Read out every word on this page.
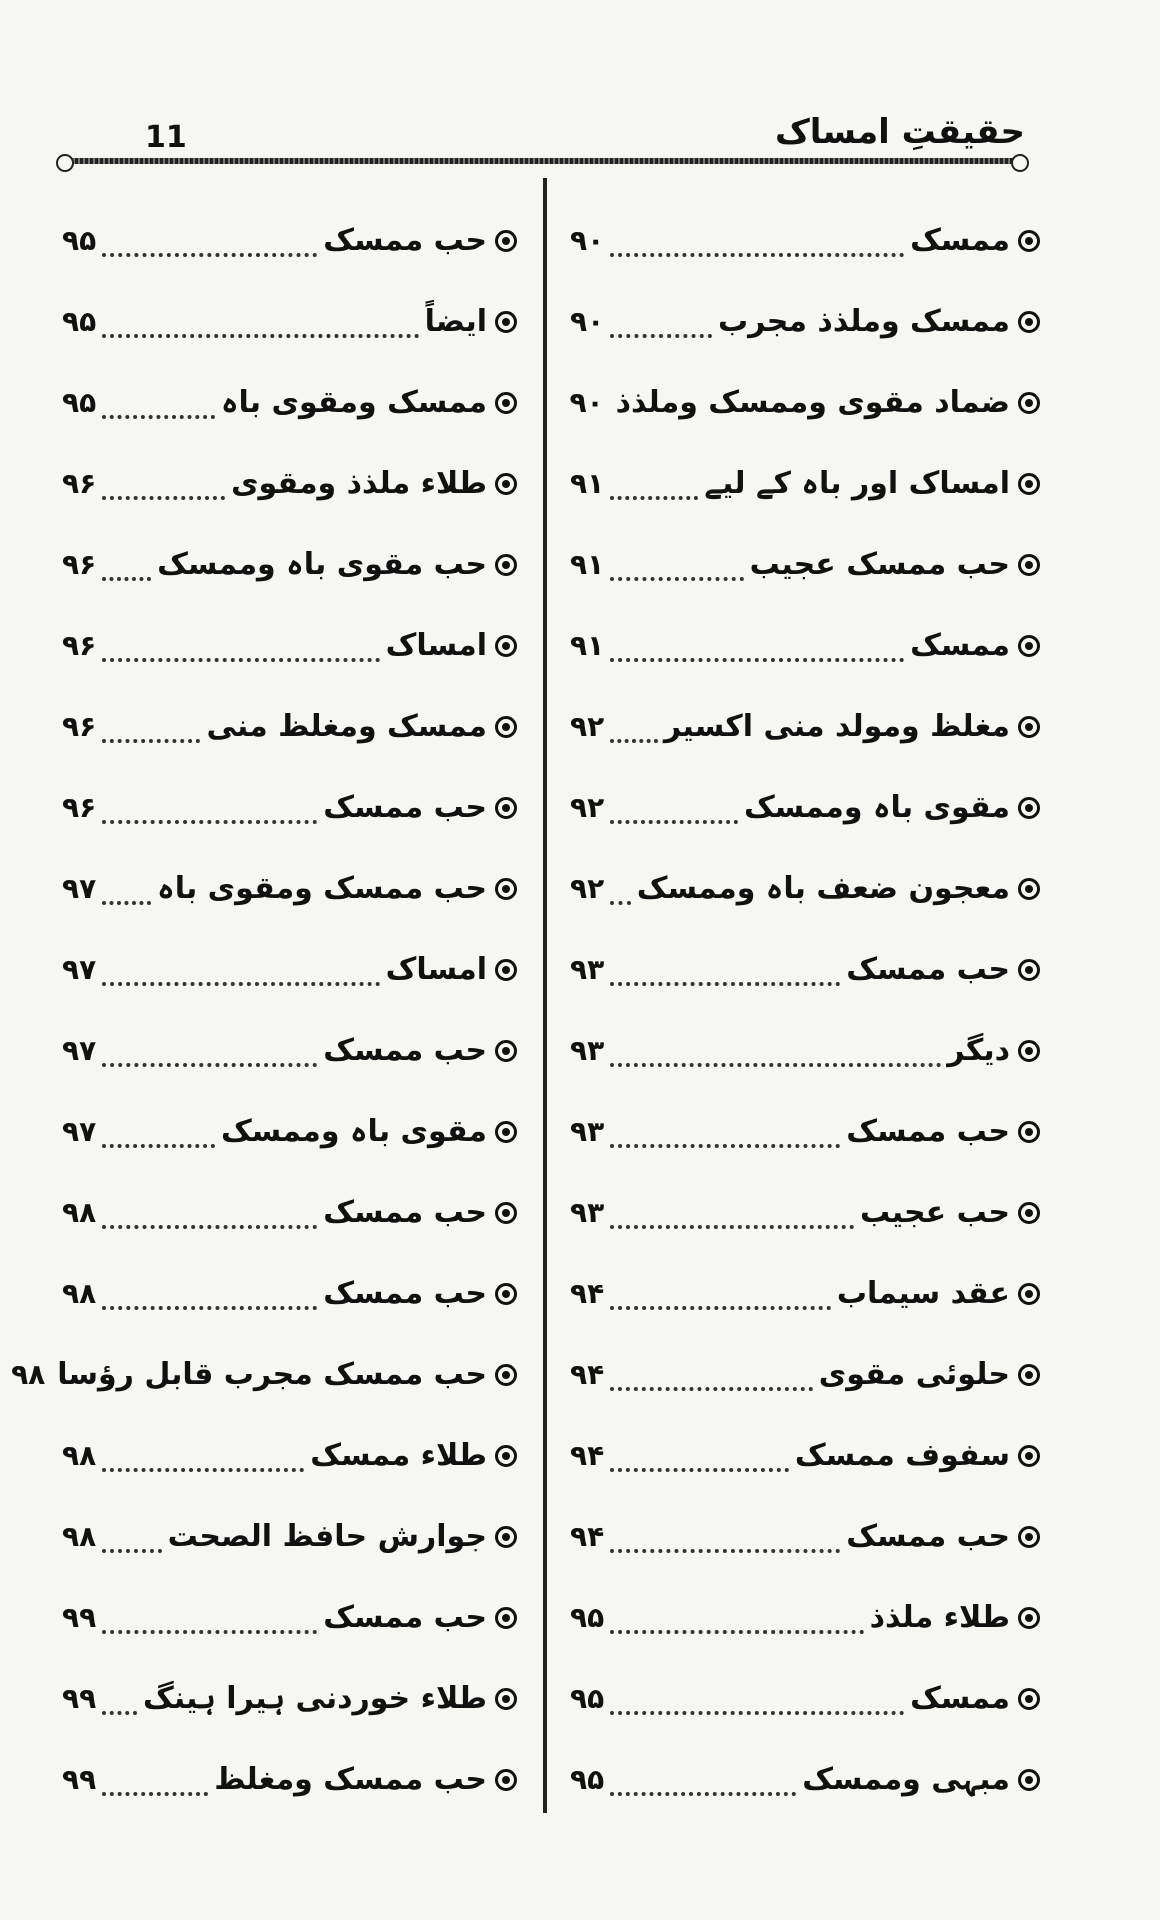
حقیقتِ امساک
11
ممسک
۹۰
ممسک وملذذ مجرب
۹۰
ضماد مقوی وممسک وملذذ
۹۰
امساک اور باہ کے لیے
۹۱
حب ممسک عجیب
۹۱
ممسک
۹۱
مغلظ ومولد منی اکسیر
۹۲
مقوی باہ وممسک
۹۲
معجون ضعف باہ وممسک
۹۲
حب ممسک
۹۳
دیگر
۹۳
حب ممسک
۹۳
حب عجیب
۹۳
عقد سیماب
۹۴
حلوئی مقوی
۹۴
سفوف ممسک
۹۴
حب ممسک
۹۴
طلاء ملذذ
۹۵
ممسک
۹۵
مبہی وممسک
۹۵
حب ممسک
۹۵
ایضاً
۹۵
ممسک ومقوی باہ
۹۵
طلاء ملذذ ومقوی
۹۶
حب مقوی باہ وممسک
۹۶
امساک
۹۶
ممسک ومغلظ منی
۹۶
حب ممسک
۹۶
حب ممسک ومقوی باہ
۹۷
امساک
۹۷
حب ممسک
۹۷
مقوی باہ وممسک
۹۷
حب ممسک
۹۸
حب ممسک
۹۸
حب ممسک مجرب قابل رؤسا
۹۸
طلاء ممسک
۹۸
جوارش حافظ الصحت
۹۸
حب ممسک
۹۹
طلاء خوردنی ہیرا ہینگ
۹۹
حب ممسک ومغلظ
۹۹
